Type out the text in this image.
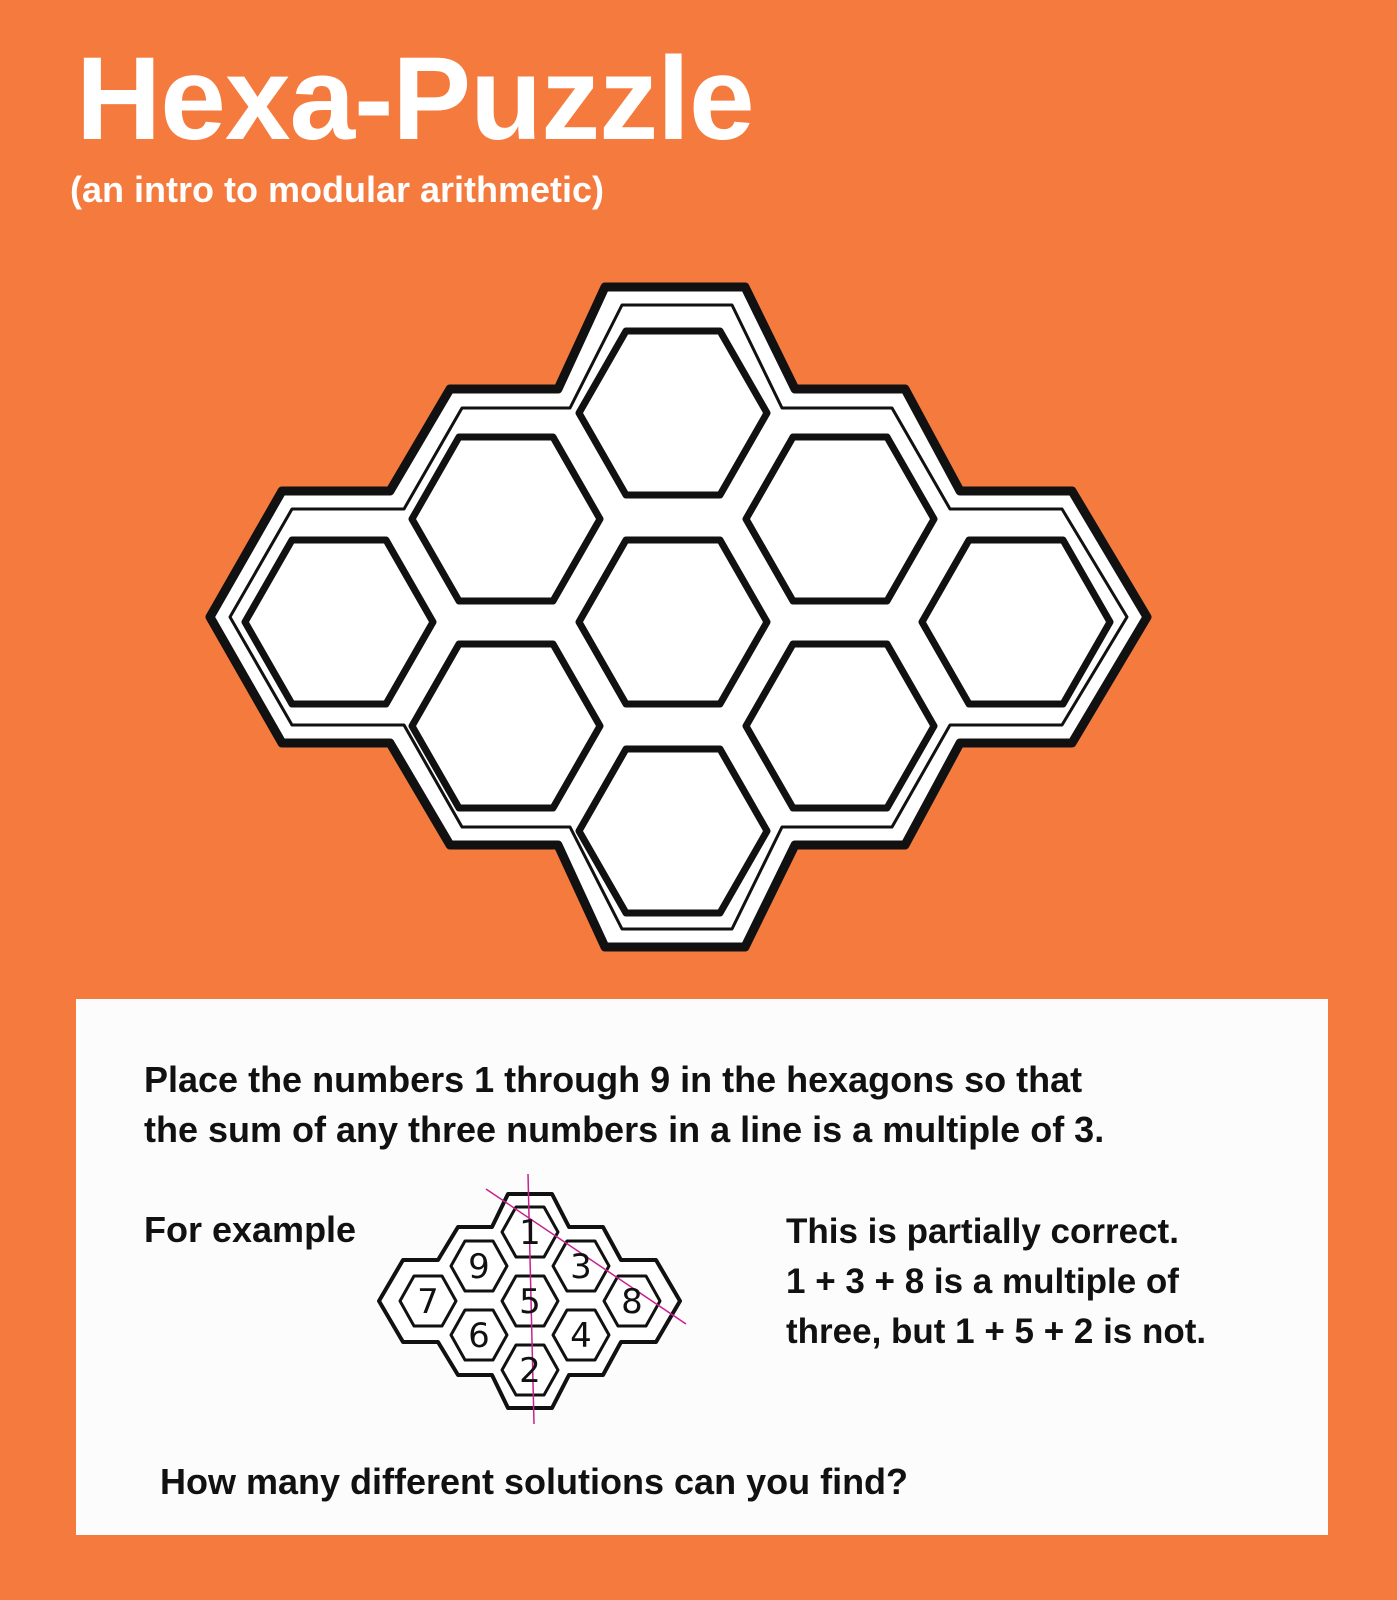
Hexa-Puzzle
(an intro to modular arithmetic)
Place the numbers 1 through 9 in the hexagons so that
the sum of any three numbers in a line is a multiple of 3.
For example	1
9 3
7 5 8
6 4
2
This is partially correct.
1 + 3 + 8 is a multiple of
three, but 1 + 5 + 2 is not.
How many different solutions can you find?
